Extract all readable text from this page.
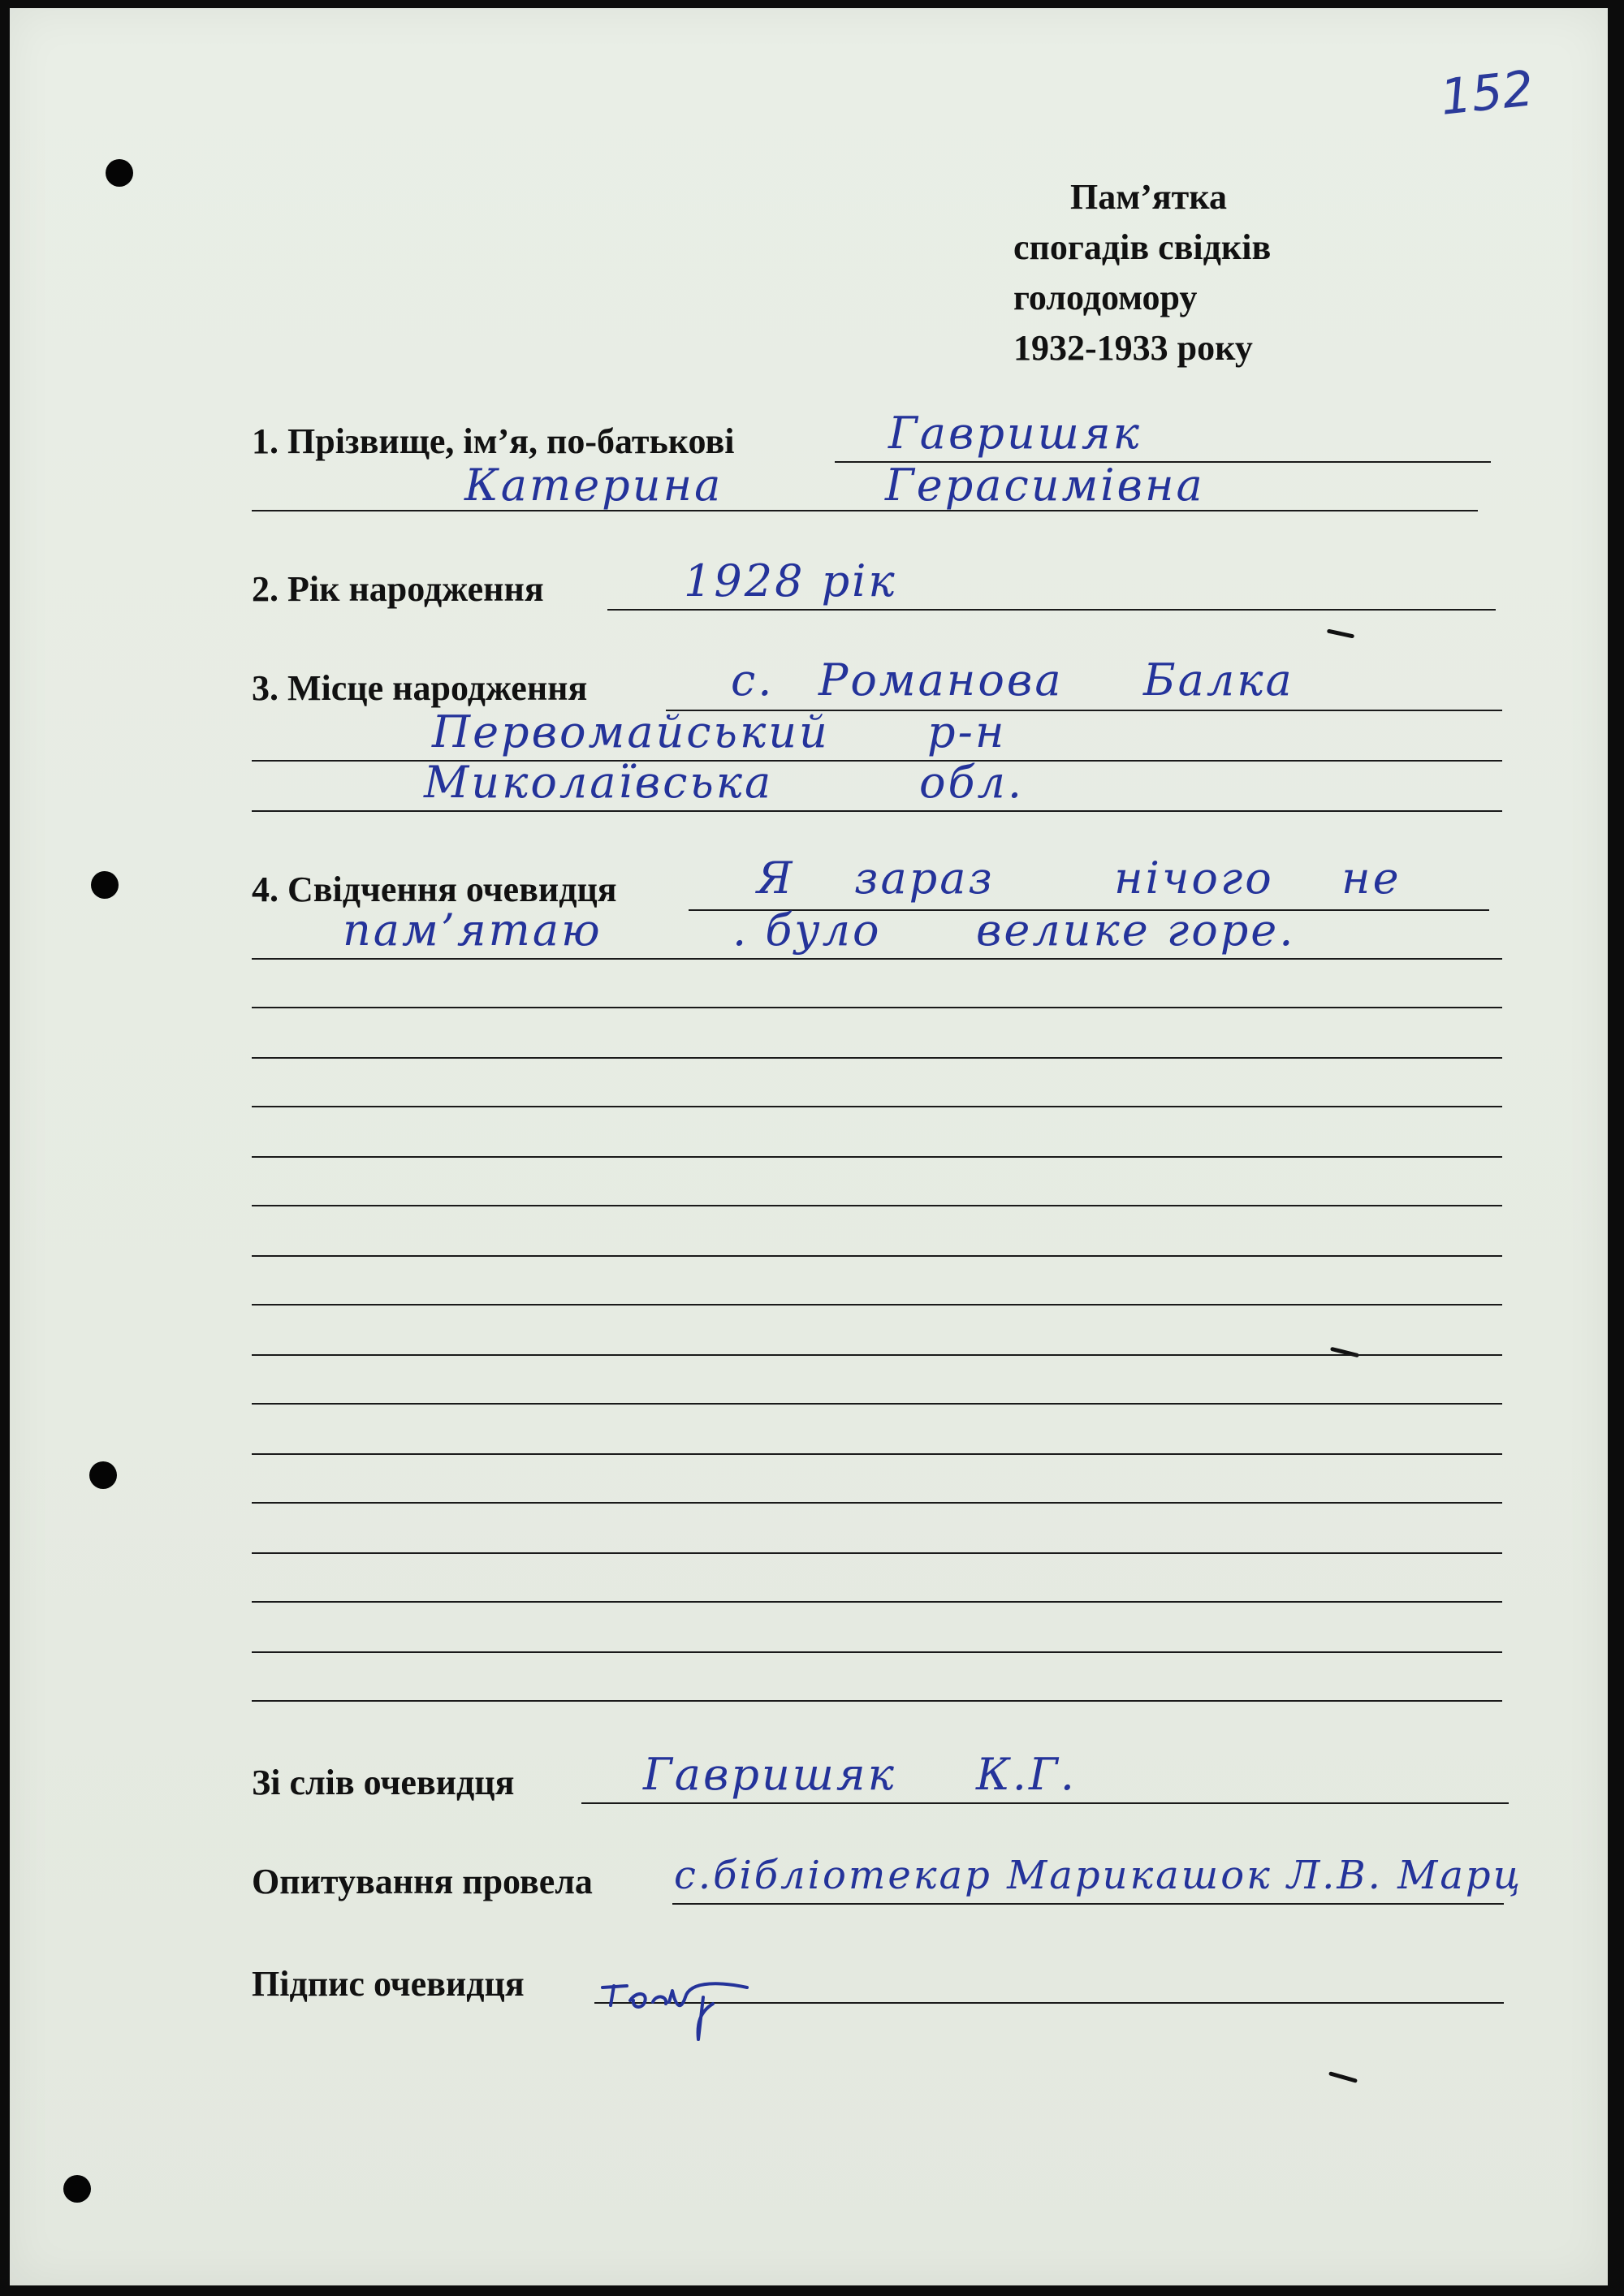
152
Пам’ятка
спогадів свідків
голодомору
1932-1933 року
1. Прізвище, ім’я, по-батькові	Гавришяк
Катерина	Герасимівна
2. Рік народження	1928 рік
3. Місце народження	с. Романова Балка
Первомайський р-н
Миколаївська	обл.
4. Свідчення очевидця	Я зараз	нічого не
пам’ятаю	. було велике горе.
Зі слів очевидця	Гавришяк К.Г.
Опитування провела с.бібліотекар Марикашок Л.В. Марц
Підпис очевидця
